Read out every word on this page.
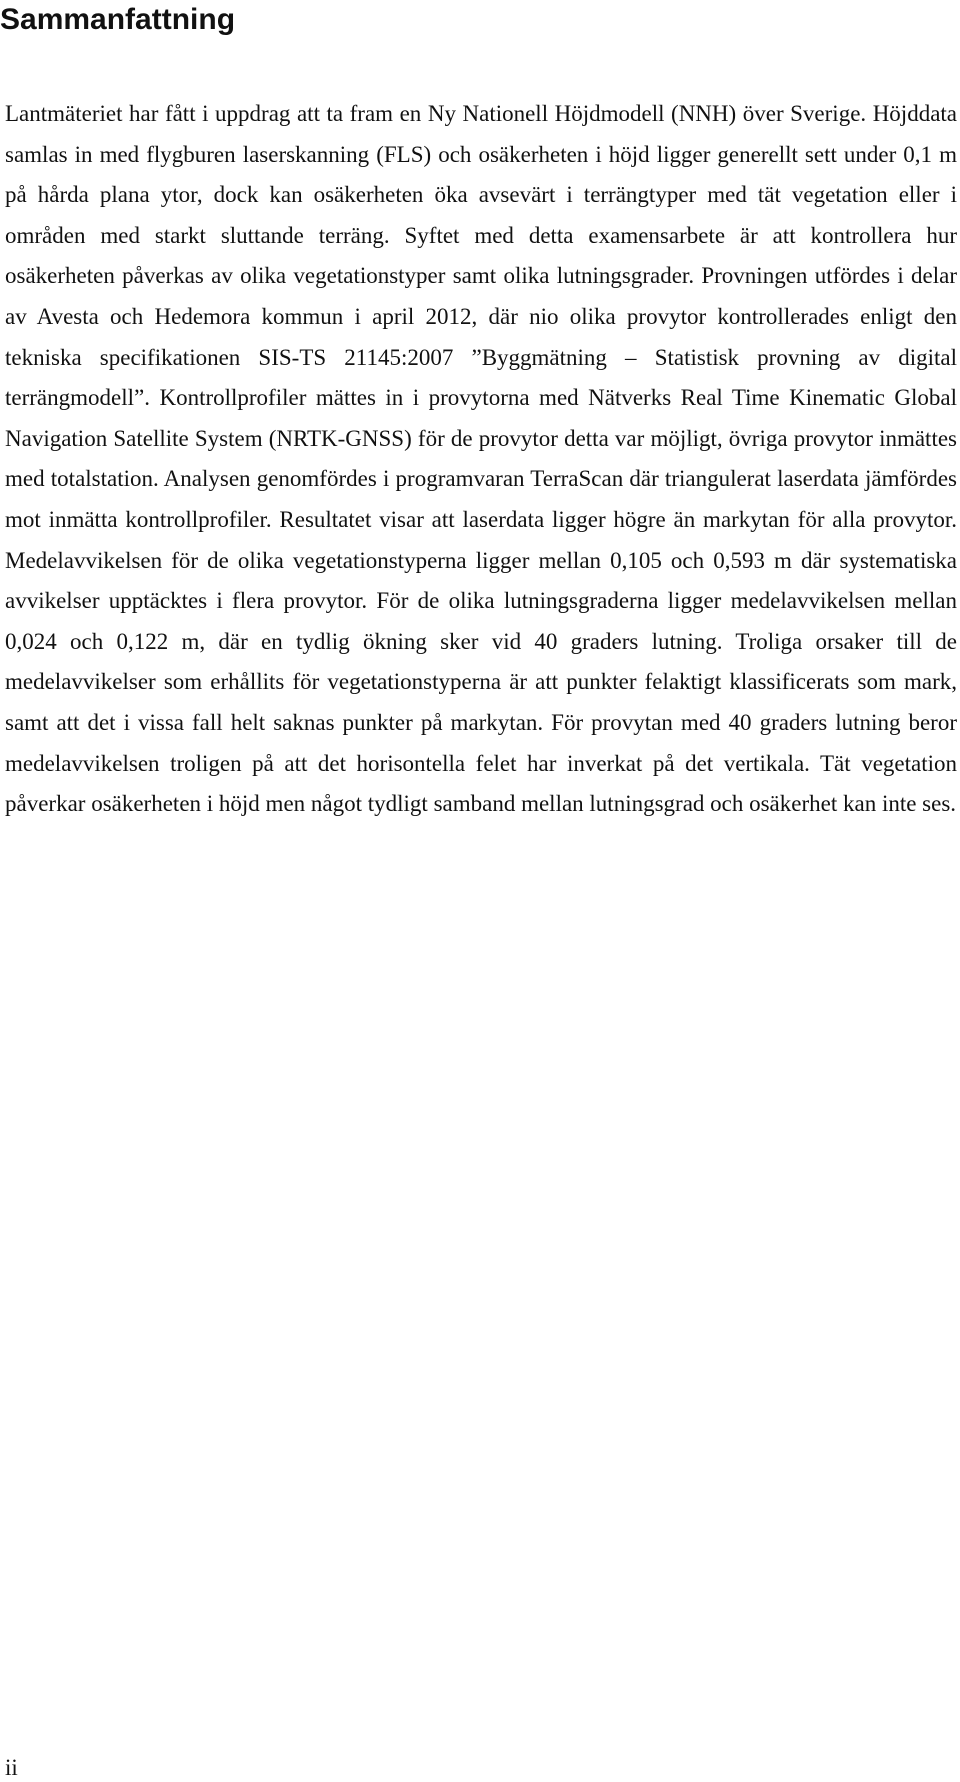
Sammanfattning

Lantmäteriet har fått i uppdrag att ta fram en Ny Nationell Höjdmodell (NNH) över Sverige. Höjddata samlas in med flygburen laserskanning (FLS) och osäkerheten i höjd ligger generellt sett under 0,1 m på hårda plana ytor, dock kan osäkerheten öka avsevärt i terrängtyper med tät vegetation eller i områden med starkt sluttande terräng. Syftet med detta examensarbete är att kontrollera hur osäkerheten påverkas av olika vegetationstyper samt olika lutningsgrader. Provningen utfördes i delar av Avesta och Hedemora kommun i april 2012, där nio olika provytor kontrollerades enligt den tekniska specifikationen SIS-TS 21145:2007 ”Byggmätning – Statistisk provning av digital terrängmodell”. Kontrollprofiler mättes in i provytorna med Nätverks Real Time Kinematic Global Navigation Satellite System (NRTK-GNSS) för de provytor detta var möjligt, övriga provytor inmättes med totalstation. Analysen genomfördes i programvaran TerraScan där triangulerat laserdata jämfördes mot inmätta kontrollprofiler. Resultatet visar att laserdata ligger högre än markytan för alla provytor. Medelavvikelsen för de olika vegetationstyperna ligger mellan 0,105 och 0,593 m där systematiska avvikelser upptäcktes i flera provytor. För de olika lutningsgraderna ligger medelavvikelsen mellan 0,024 och 0,122 m, där en tydlig ökning sker vid 40 graders lutning. Troliga orsaker till de medelavvikelser som erhållits för vegetationstyperna är att punkter felaktigt klassificerats som mark, samt att det i vissa fall helt saknas punkter på markytan. För provytan med 40 graders lutning beror medelavvikelsen troligen på att det horisontella felet har inverkat på det vertikala. Tät vegetation påverkar osäkerheten i höjd men något tydligt samband mellan lutningsgrad och osäkerhet kan inte ses.

ii
